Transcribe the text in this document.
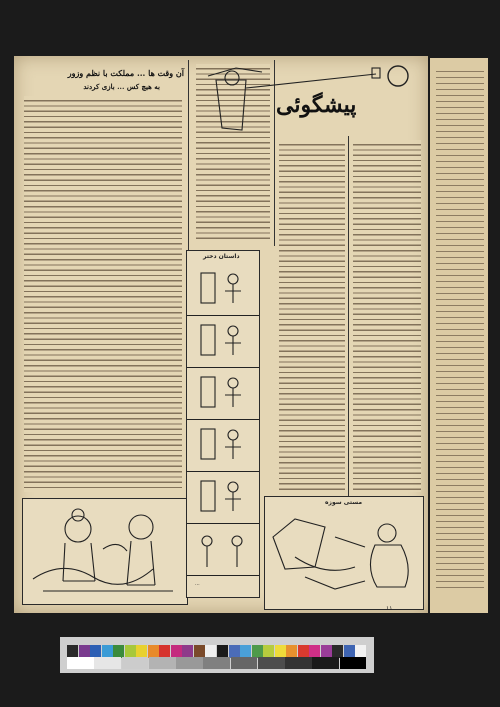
آن وقت ها ... مملکت با نظم وزور
به هیچ کس ... بازی کردند
داستان دختر
...
پیشگوئی
مستی سوزه
۱۱
